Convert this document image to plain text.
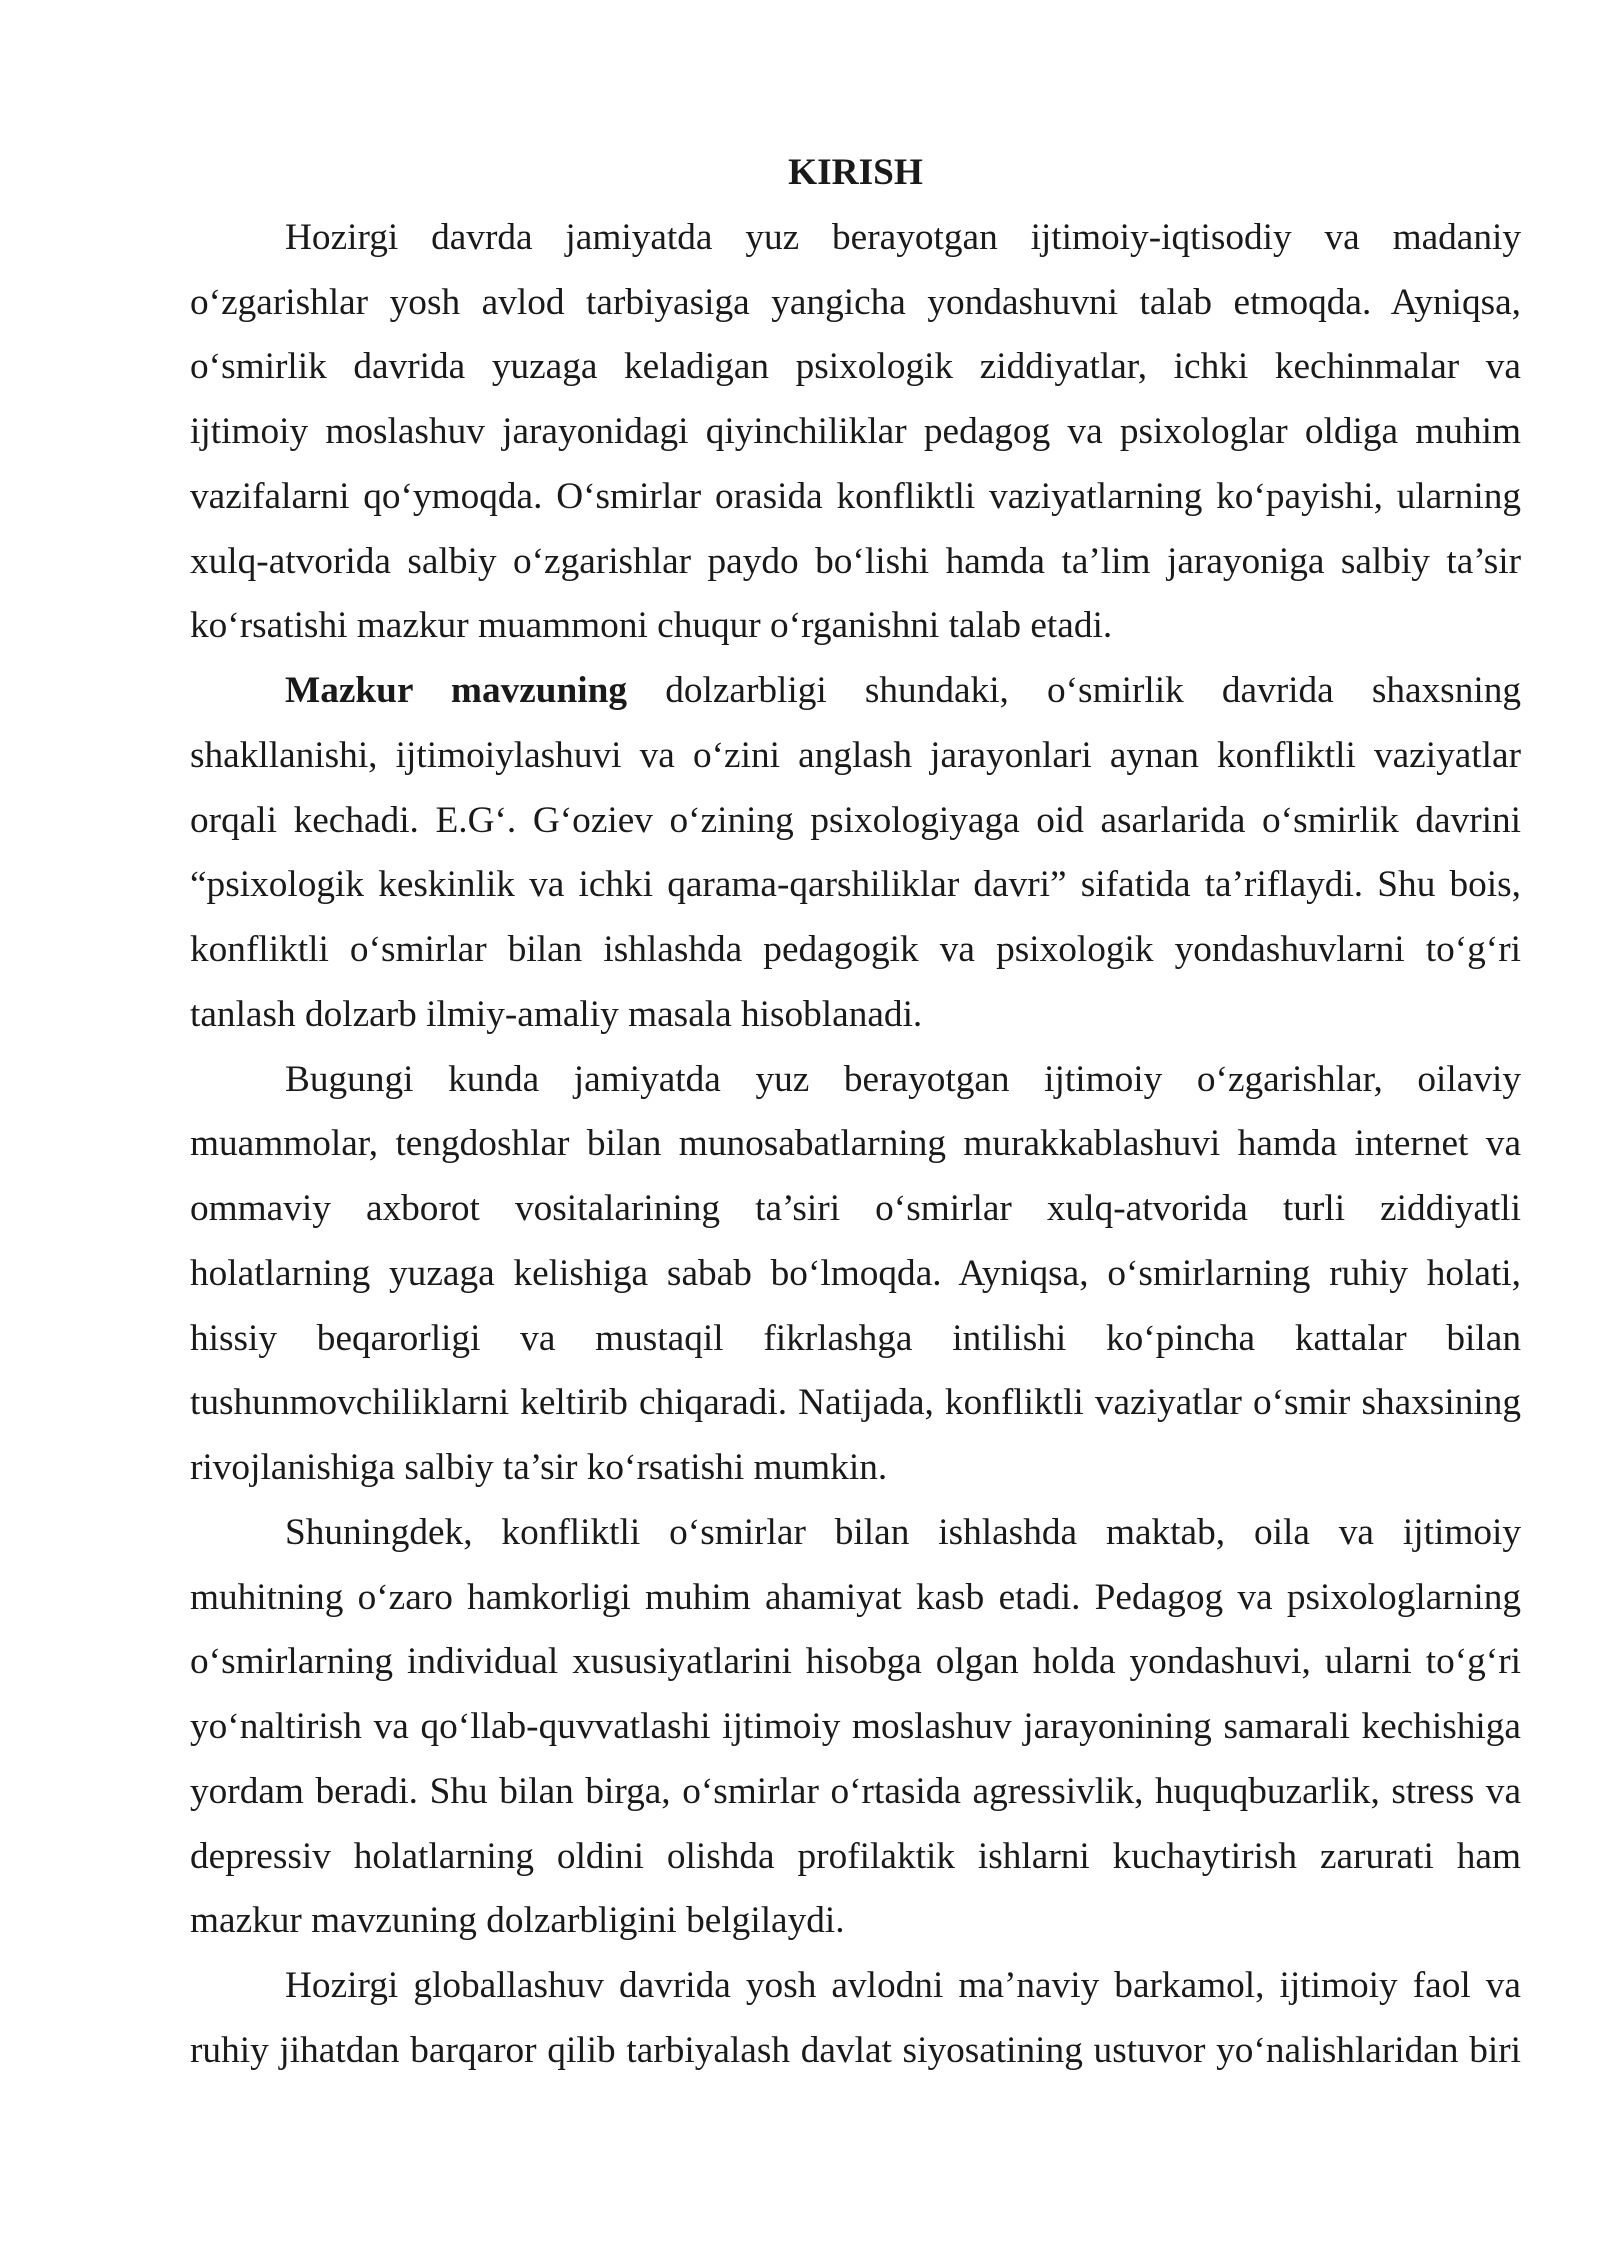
KIRISH
Hozirgi davrda jamiyatda yuz berayotgan ijtimoiy-iqtisodiy va madaniy
o‘zgarishlar yosh avlod tarbiyasiga yangicha yondashuvni talab etmoqda. Ayniqsa,
o‘smirlik davrida yuzaga keladigan psixologik ziddiyatlar, ichki kechinmalar va
ijtimoiy moslashuv jarayonidagi qiyinchiliklar pedagog va psixologlar oldiga muhim
vazifalarni qo‘ymoqda. O‘smirlar orasida konfliktli vaziyatlarning ko‘payishi, ularning
xulq-atvorida salbiy o‘zgarishlar paydo bo‘lishi hamda ta’lim jarayoniga salbiy ta’sir
ko‘rsatishi mazkur muammoni chuqur o‘rganishni talab etadi.
Mazkur mavzuning dolzarbligi shundaki, o‘smirlik davrida shaxsning
shakllanishi, ijtimoiylashuvi va o‘zini anglash jarayonlari aynan konfliktli vaziyatlar
orqali kechadi. E.G‘. G‘oziev o‘zining psixologiyaga oid asarlarida o‘smirlik davrini
“psixologik keskinlik va ichki qarama-qarshiliklar davri” sifatida ta’riflaydi. Shu bois,
konfliktli o‘smirlar bilan ishlashda pedagogik va psixologik yondashuvlarni to‘g‘ri
tanlash dolzarb ilmiy-amaliy masala hisoblanadi.
Bugungi kunda jamiyatda yuz berayotgan ijtimoiy o‘zgarishlar, oilaviy
muammolar, tengdoshlar bilan munosabatlarning murakkablashuvi hamda internet va
ommaviy axborot vositalarining ta’siri o‘smirlar xulq-atvorida turli ziddiyatli
holatlarning yuzaga kelishiga sabab bo‘lmoqda. Ayniqsa, o‘smirlarning ruhiy holati,
hissiy beqarorligi va mustaqil fikrlashga intilishi ko‘pincha kattalar bilan
tushunmovchiliklarni keltirib chiqaradi. Natijada, konfliktli vaziyatlar o‘smir shaxsining
rivojlanishiga salbiy ta’sir ko‘rsatishi mumkin.
Shuningdek, konfliktli o‘smirlar bilan ishlashda maktab, oila va ijtimoiy
muhitning o‘zaro hamkorligi muhim ahamiyat kasb etadi. Pedagog va psixologlarning
o‘smirlarning individual xususiyatlarini hisobga olgan holda yondashuvi, ularni to‘g‘ri
yo‘naltirish va qo‘llab-quvvatlashi ijtimoiy moslashuv jarayonining samarali kechishiga
yordam beradi. Shu bilan birga, o‘smirlar o‘rtasida agressivlik, huquqbuzarlik, stress va
depressiv holatlarning oldini olishda profilaktik ishlarni kuchaytirish zarurati ham
mazkur mavzuning dolzarbligini belgilaydi.
Hozirgi globallashuv davrida yosh avlodni ma’naviy barkamol, ijtimoiy faol va
ruhiy jihatdan barqaror qilib tarbiyalash davlat siyosatining ustuvor yo‘nalishlaridan biri
